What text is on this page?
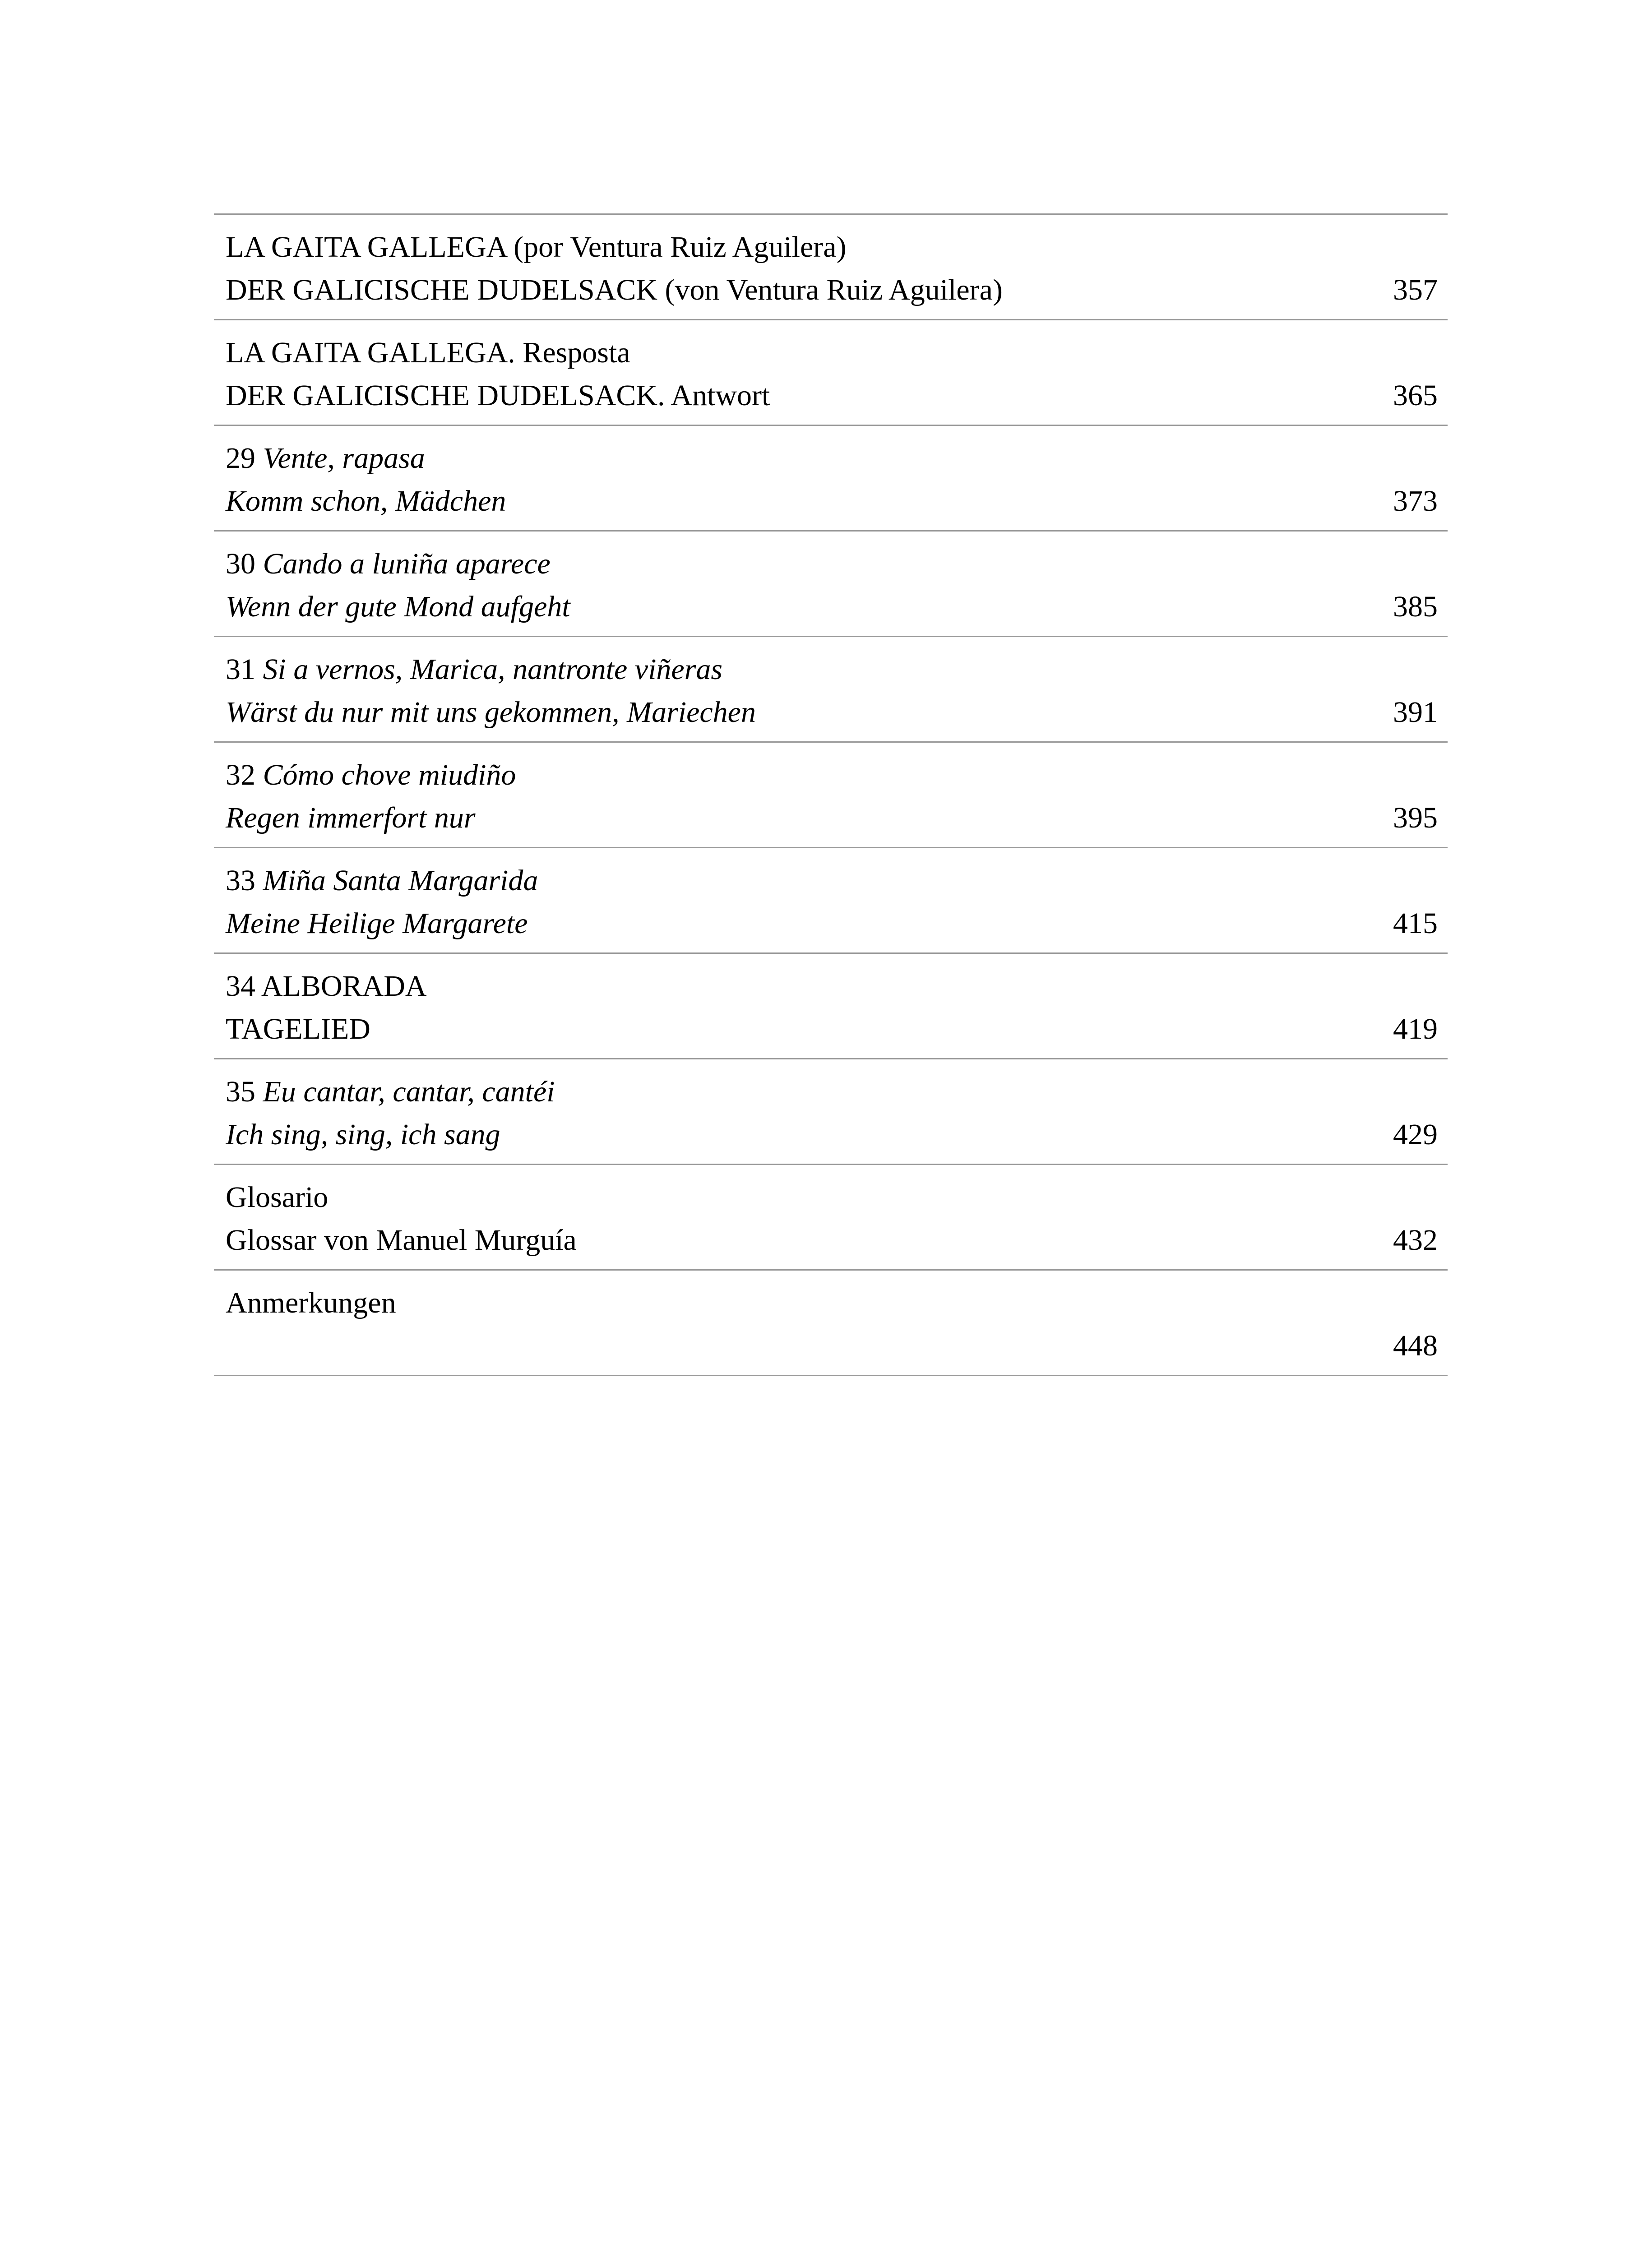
LA GAITA GALLEGA (por Ventura Ruiz Aguilera)
DER GALICISCHE DUDELSACK (von Ventura Ruiz Aguilera)	357
LA GAITA GALLEGA. Resposta
DER GALICISCHE DUDELSACK. Antwort	365
29 Vente, rapasa
Komm schon, Mädchen	373
30 Cando a luniña aparece
Wenn der gute Mond aufgeht	385
31 Si a vernos, Marica, nantronte viñeras
Wärst du nur mit uns gekommen, Mariechen	391
32 Cómo chove miudiño
Regen immerfort nur	395
33 Miña Santa Margarida
Meine Heilige Margarete	415
34 ALBORADA
TAGELIED	419
35 Eu cantar, cantar, cantéi
Ich sing, sing, ich sang	429
Glosario
Glossar von Manuel Murguía	432
Anmerkungen
448
